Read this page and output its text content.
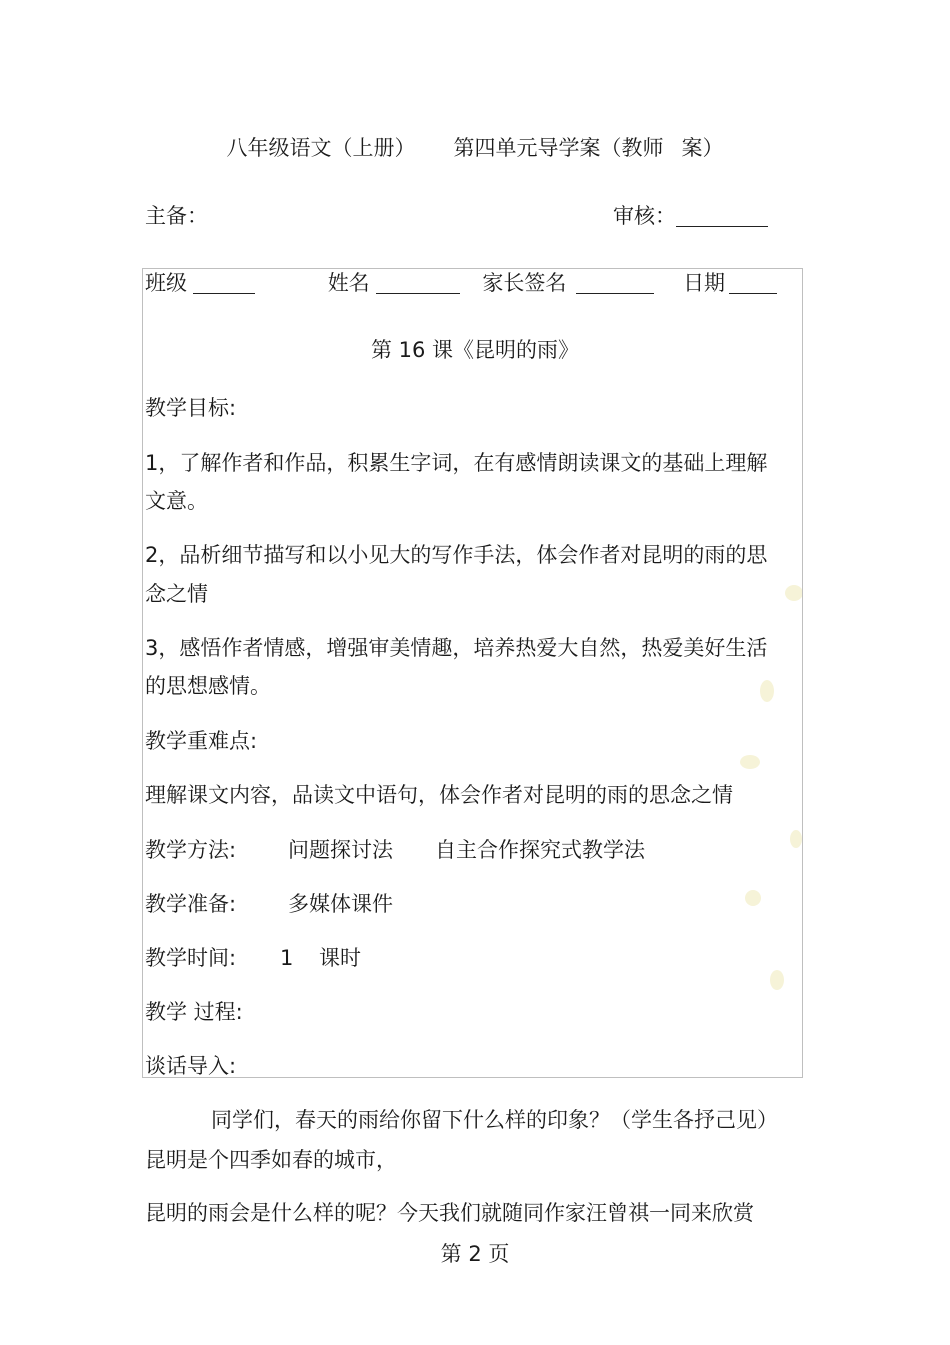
八年级语文（上册） 第四单元导学案（教师 案）
主备：	审核：
班级	姓名	家长签名	日期
第 16 课《昆明的雨》
教学目标:
1，了解作者和作品，积累生字词，在有感情朗读课文的基础上理解
文意。
2，品析细节描写和以小见大的写作手法，体会作者对昆明的雨的思
念之情
3，感悟作者情感，增强审美情趣，培养热爱大自然，热爱美好生活
的思想感情。
教学重难点:
理解课文内容，品读文中语句，体会作者对昆明的雨的思念之情
教学方法: 问题探讨法 自主合作探究式教学法
教学准备: 多媒体课件
教学时间: 1 课时
教学 过程:
谈话导入:
同学们，春天的雨给你留下什么样的印象？（学生各抒己见）
昆明是个四季如春的城市，
昆明的雨会是什么样的呢？今天我们就随同作家汪曾祺一同来欣赏
第 2 页
